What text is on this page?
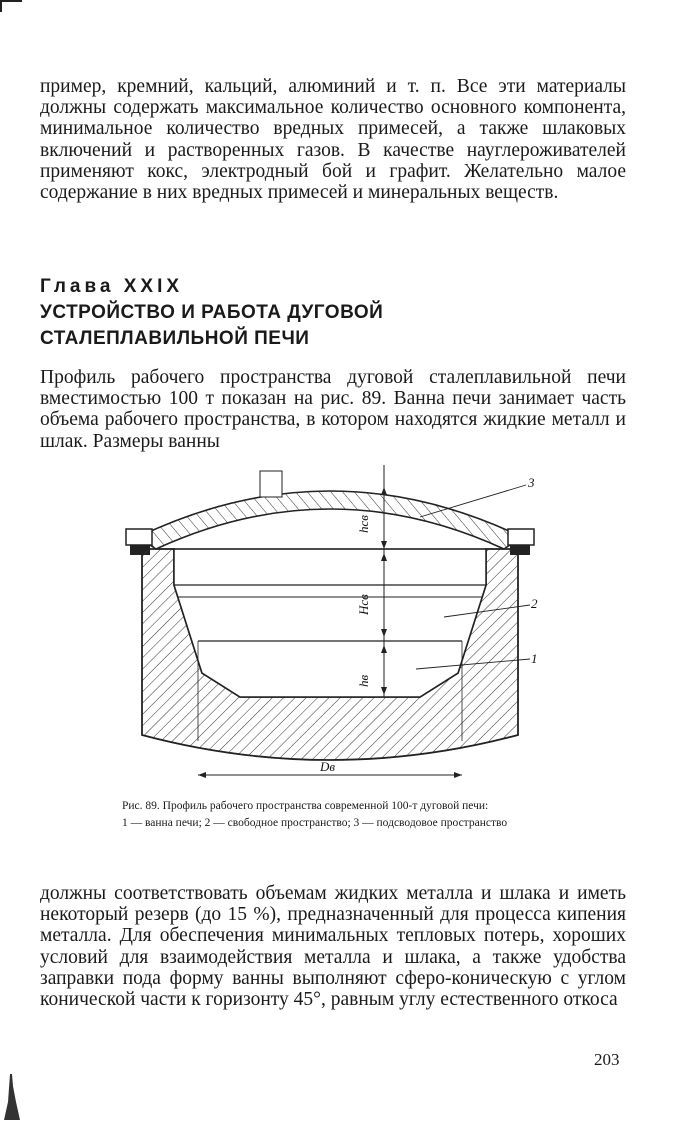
пример, кремний, кальций, алюминий и т. п. Все эти материалы должны содержать максимальное количество основного компонента, минимальное количество вредных примесей, а также шлаковых включений и растворенных газов. В качестве науглероживателей применяют кокс, электродный бой и графит. Желательно малое содержание в них вредных примесей и минеральных веществ.

Глава XXIX
УСТРОЙСТВО И РАБОТА ДУГОВОЙ
СТАЛЕПЛАВИЛЬНОЙ ПЕЧИ

Профиль рабочего пространства дуговой сталеплавильной печи вместимостью 100 т показан на рис. 89. Ванна печи занимает часть объема рабочего пространства, в котором находятся жидкие металл и шлак. Размеры ванны

hсв
Hсв
hв
Dв
3
2
1

Рис. 89. Профиль рабочего пространства современной 100-т дуговой печи:

1 — ванна печи; 2 — свободное пространство; 3 — подсводовое пространство

должны соответствовать объемам жидких металла и шлака и иметь некоторый резерв (до 15 %), предназначенный для процесса кипения металла. Для обеспечения минимальных тепловых потерь, хороших условий для взаимодействия металла и шлака, а также удобства заправки пода форму ванны выполняют сферо-коническую с углом конической части к горизонту 45°, равным углу естественного откоса

203
